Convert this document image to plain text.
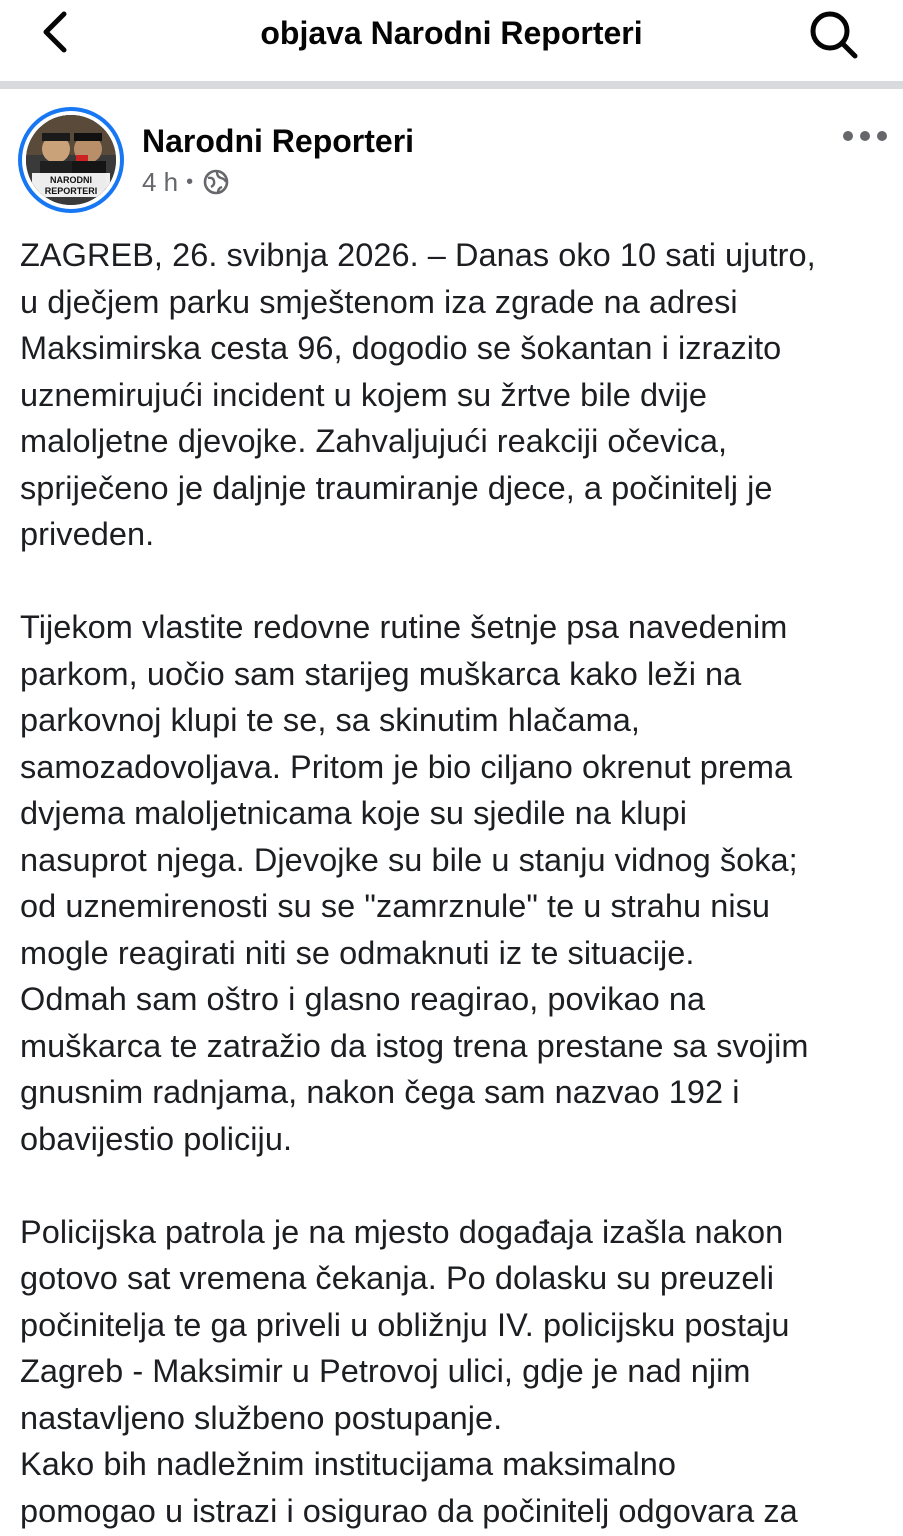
objava Narodni Reporteri
NARODNI
REPORTERI
Narodni Reporteri
4 h •

ZAGREB, 26. svibnja 2026. – Danas oko 10 sati ujutro,
u dječjem parku smještenom iza zgrade na adresi
Maksimirska cesta 96, dogodio se šokantan i izrazito
uznemirujući incident u kojem su žrtve bile dvije
maloljetne djevojke. Zahvaljujući reakciji očevica,
spriječeno je daljnje traumiranje djece, a počinitelj je
priveden.

Tijekom vlastite redovne rutine šetnje psa navedenim
parkom, uočio sam starijeg muškarca kako leži na
parkovnoj klupi te se, sa skinutim hlačama,
samozadovoljava. Pritom je bio ciljano okrenut prema
dvjema maloljetnicama koje su sjedile na klupi
nasuprot njega. Djevojke su bile u stanju vidnog šoka;
od uznemirenosti su se "zamrznule" te u strahu nisu
mogle reagirati niti se odmaknuti iz te situacije.
Odmah sam oštro i glasno reagirao, povikao na
muškarca te zatražio da istog trena prestane sa svojim
gnusnim radnjama, nakon čega sam nazvao 192 i
obavijestio policiju.

Policijska patrola je na mjesto događaja izašla nakon
gotovo sat vremena čekanja. Po dolasku su preuzeli
počinitelja te ga priveli u obližnju IV. policijsku postaju
Zagreb - Maksimir u Petrovoj ulici, gdje je nad njim
nastavljeno službeno postupanje.
Kako bih nadležnim institucijama maksimalno
pomogao u istrazi i osigurao da počinitelj odgovara za
